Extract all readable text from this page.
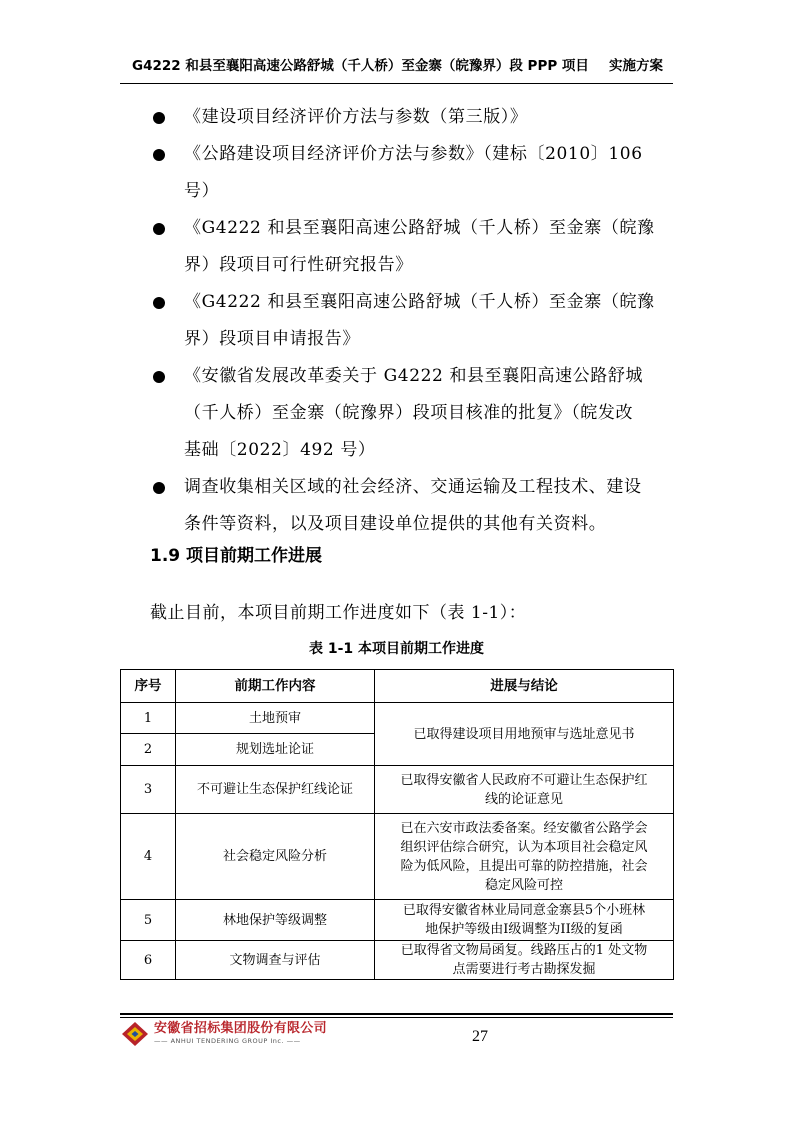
G4222 和县至襄阳高速公路舒城（千人桥）至金寨（皖豫界）段 PPP 项目 实施方案
《建设项目经济评价方法与参数（第三版）》
《公路建设项目经济评价方法与参数》（建标〔2010〕106 号）
《G4222 和县至襄阳高速公路舒城（千人桥）至金寨（皖豫
界）段项目可行性研究报告》
《G4222 和县至襄阳高速公路舒城（千人桥）至金寨（皖豫
界）段项目申请报告》
《安徽省发展改革委关于 G4222 和县至襄阳高速公路舒城
（千人桥）至金寨（皖豫界）段项目核准的批复》（皖发改
基础〔2022〕492 号）
调查收集相关区域的社会经济、交通运输及工程技术、建设
条件等资料，以及项目建设单位提供的其他有关资料。
1.9 项目前期工作进展
截止目前，本项目前期工作进度如下（表 1-1）：
表 1-1 本项目前期工作进度
序号	前期工作内容	进展与结论
1	土地预审	已取得建设项目用地预审与选址意见书

2	规划选址论证	
3	不可避让生态保护红线论证	已取得安徽省人民政府不可避让生态保护红
线的论证意见

4	社会稳定风险分析	已在六安市政法委备案。经安徽省公路学会
组织评估综合研究，认为本项目社会稳定风
险为低风险，且提出可靠的防控措施，社会
稳定风险可控

5	林地保护等级调整	已取得安徽省林业局同意金寨县5个小班林
地保护等级由I级调整为II级的复函

6	文物调查与评估	已取得省文物局函复。线路压占的1 处文物
点需要进行考古勘探发掘
安徽省招标集团股份有限公司
—— ANHUI TENDERING GROUP Inc. ——	27
